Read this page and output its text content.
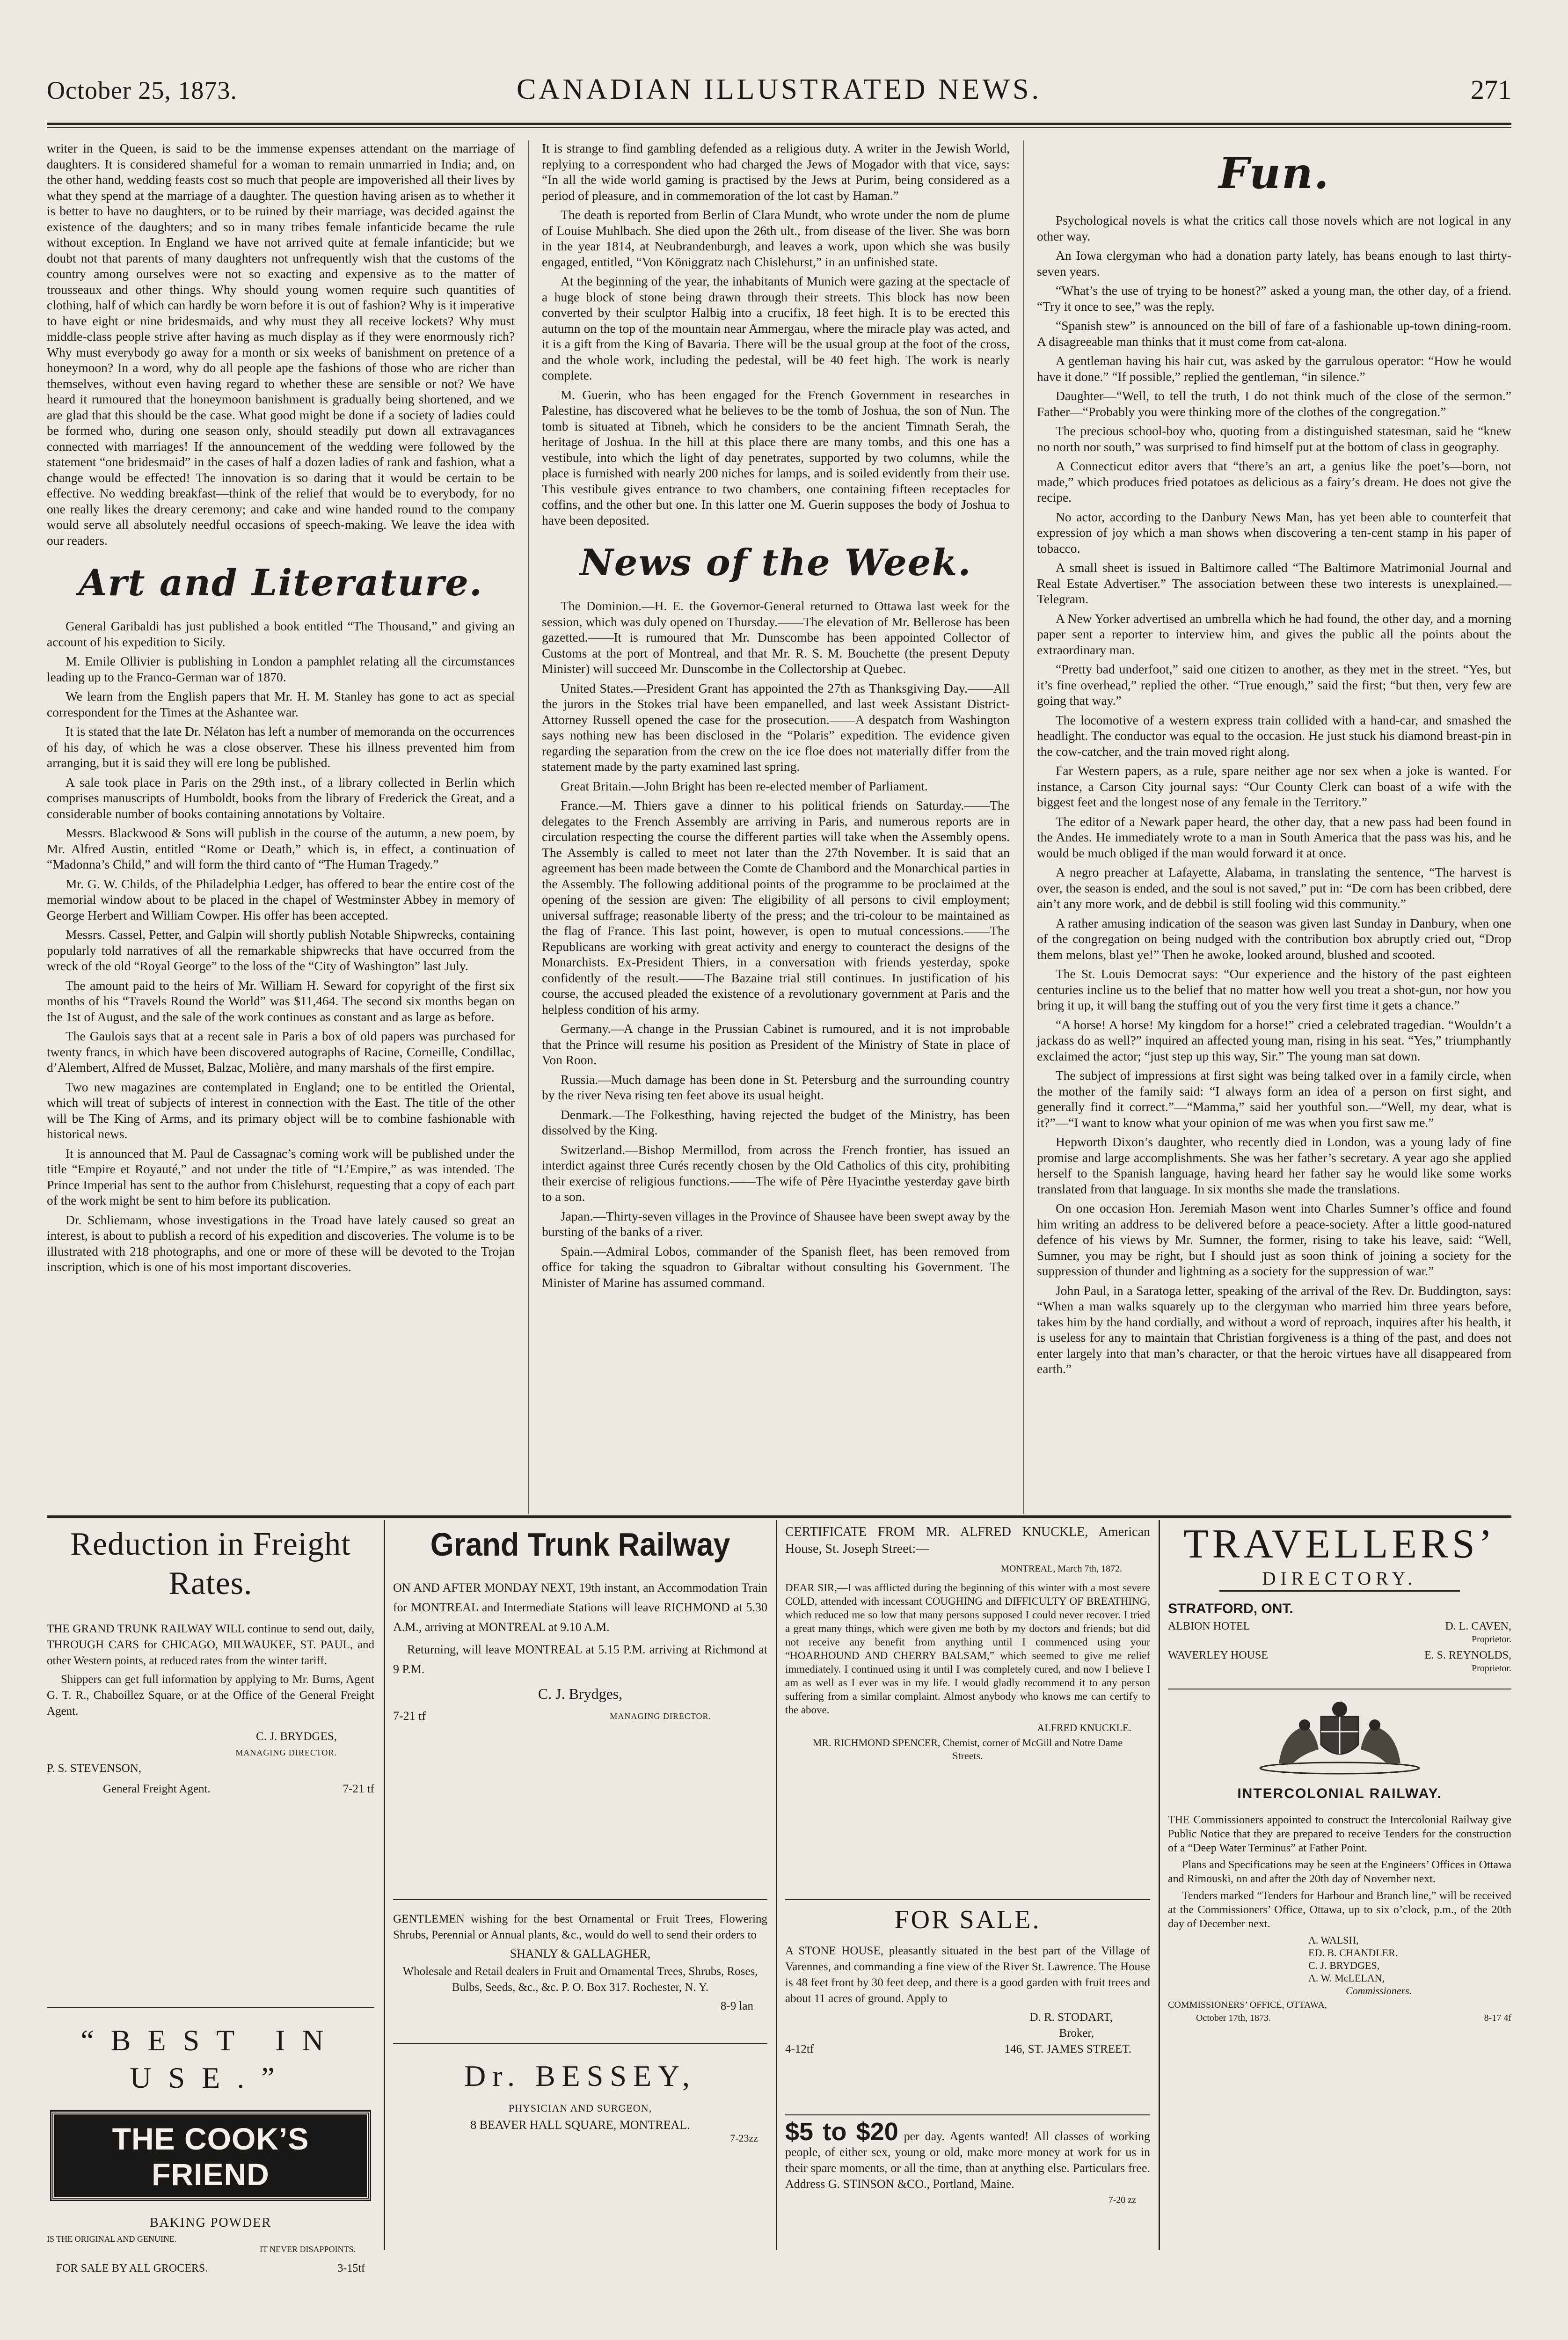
October 25, 1873.	CANADIAN ILLUSTRATED NEWS.	271

writer in the Queen, is said to be the immense expenses attendant on the marriage of daughters. It is considered shameful for a woman to remain unmarried in India; and, on the other hand, wedding feasts cost so much that people are impoverished all their lives by what they spend at the marriage of a daughter. The question having arisen as to whether it is better to have no daughters, or to be ruined by their marriage, was decided against the existence of the daughters; and so in many tribes female infanticide became the rule without exception. In England we have not arrived quite at female infanticide; but we doubt not that parents of many daughters not unfrequently wish that the customs of the country among ourselves were not so exacting and expensive as to the matter of trousseaux and other things. Why should young women require such quantities of clothing, half of which can hardly be worn before it is out of fashion? Why is it imperative to have eight or nine bridesmaids, and why must they all receive lockets? Why must middle-class people strive after having as much display as if they were enormously rich? Why must everybody go away for a month or six weeks of banishment on pretence of a honeymoon? In a word, why do all people ape the fashions of those who are richer than themselves, without even having regard to whether these are sensible or not? We have heard it rumoured that the honeymoon banishment is gradually being shortened, and we are glad that this should be the case. What good might be done if a society of ladies could be formed who, during one season only, should steadily put down all extravagances connected with marriages! If the announcement of the wedding were followed by the statement “one bridesmaid” in the cases of half a dozen ladies of rank and fashion, what a change would be effected! The innovation is so daring that it would be certain to be effective. No wedding breakfast—think of the relief that would be to everybody, for no one really likes the dreary ceremony; and cake and wine handed round to the company would serve all absolutely needful occasions of speech-making. We leave the idea with our readers.

Art and Literature.

General Garibaldi has just published a book entitled “The Thousand,” and giving an account of his expedition to Sicily.

M. Emile Ollivier is publishing in London a pamphlet relating all the circumstances leading up to the Franco-German war of 1870.

We learn from the English papers that Mr. H. M. Stanley has gone to act as special correspondent for the Times at the Ashantee war.

It is stated that the late Dr. Nélaton has left a number of memoranda on the occurrences of his day, of which he was a close observer. These his illness prevented him from arranging, but it is said they will ere long be published.

A sale took place in Paris on the 29th inst., of a library collected in Berlin which comprises manuscripts of Humboldt, books from the library of Frederick the Great, and a considerable number of books containing annotations by Voltaire.

Messrs. Blackwood & Sons will publish in the course of the autumn, a new poem, by Mr. Alfred Austin, entitled “Rome or Death,” which is, in effect, a continuation of “Madonna’s Child,” and will form the third canto of “The Human Tragedy.”

Mr. G. W. Childs, of the Philadelphia Ledger, has offered to bear the entire cost of the memorial window about to be placed in the chapel of Westminster Abbey in memory of George Herbert and William Cowper. His offer has been accepted.

Messrs. Cassel, Petter, and Galpin will shortly publish Notable Shipwrecks, containing popularly told narratives of all the remarkable shipwrecks that have occurred from the wreck of the old “Royal George” to the loss of the “City of Washington” last July.

The amount paid to the heirs of Mr. William H. Seward for copyright of the first six months of his “Travels Round the World” was $11,464. The second six months began on the 1st of August, and the sale of the work continues as constant and as large as before.

The Gaulois says that at a recent sale in Paris a box of old papers was purchased for twenty francs, in which have been discovered autographs of Racine, Corneille, Condillac, d’Alembert, Alfred de Musset, Balzac, Molière, and many marshals of the first empire.

Two new magazines are contemplated in England; one to be entitled the Oriental, which will treat of subjects of interest in connection with the East. The title of the other will be The King of Arms, and its primary object will be to combine fashionable with historical news.

It is announced that M. Paul de Cassagnac’s coming work will be published under the title “Empire et Royauté,” and not under the title of “L’Empire,” as was intended. The Prince Imperial has sent to the author from Chislehurst, requesting that a copy of each part of the work might be sent to him before its publication.

Dr. Schliemann, whose investigations in the Troad have lately caused so great an interest, is about to publish a record of his expedition and discoveries. The volume is to be illustrated with 218 photographs, and one or more of these will be devoted to the Trojan inscription, which is one of his most important discoveries.

It is strange to find gambling defended as a religious duty. A writer in the Jewish World, replying to a correspondent who had charged the Jews of Mogador with that vice, says: “In all the wide world gaming is practised by the Jews at Purim, being considered as a period of pleasure, and in commemoration of the lot cast by Haman.”

The death is reported from Berlin of Clara Mundt, who wrote under the nom de plume of Louise Muhlbach. She died upon the 26th ult., from disease of the liver. She was born in the year 1814, at Neubrandenburgh, and leaves a work, upon which she was busily engaged, entitled, “Von Königgratz nach Chislehurst,” in an unfinished state.

At the beginning of the year, the inhabitants of Munich were gazing at the spectacle of a huge block of stone being drawn through their streets. This block has now been converted by their sculptor Halbig into a crucifix, 18 feet high. It is to be erected this autumn on the top of the mountain near Ammergau, where the miracle play was acted, and it is a gift from the King of Bavaria. There will be the usual group at the foot of the cross, and the whole work, including the pedestal, will be 40 feet high. The work is nearly complete.

M. Guerin, who has been engaged for the French Government in researches in Palestine, has discovered what he believes to be the tomb of Joshua, the son of Nun. The tomb is situated at Tibneh, which he considers to be the ancient Timnath Serah, the heritage of Joshua. In the hill at this place there are many tombs, and this one has a vestibule, into which the light of day penetrates, supported by two columns, while the place is furnished with nearly 200 niches for lamps, and is soiled evidently from their use. This vestibule gives entrance to two chambers, one containing fifteen receptacles for coffins, and the other but one. In this latter one M. Guerin supposes the body of Joshua to have been deposited.

News of the Week.

The Dominion.—H. E. the Governor-General returned to Ottawa last week for the session, which was duly opened on Thursday.——The elevation of Mr. Bellerose has been gazetted.——It is rumoured that Mr. Dunscombe has been appointed Collector of Customs at the port of Montreal, and that Mr. R. S. M. Bouchette (the present Deputy Minister) will succeed Mr. Dunscombe in the Collectorship at Quebec.

United States.—President Grant has appointed the 27th as Thanksgiving Day.——All the jurors in the Stokes trial have been empanelled, and last week Assistant District-Attorney Russell opened the case for the prosecution.——A despatch from Washington says nothing new has been disclosed in the “Polaris” expedition. The evidence given regarding the separation from the crew on the ice floe does not materially differ from the statement made by the party examined last spring.

Great Britain.—John Bright has been re-elected member of Parliament.

France.—M. Thiers gave a dinner to his political friends on Saturday.——The delegates to the French Assembly are arriving in Paris, and numerous reports are in circulation respecting the course the different parties will take when the Assembly opens. The Assembly is called to meet not later than the 27th November. It is said that an agreement has been made between the Comte de Chambord and the Monarchical parties in the Assembly. The following additional points of the programme to be proclaimed at the opening of the session are given: The eligibility of all persons to civil employment; universal suffrage; reasonable liberty of the press; and the tri-colour to be maintained as the flag of France. This last point, however, is open to mutual concessions.——The Republicans are working with great activity and energy to counteract the designs of the Monarchists. Ex-President Thiers, in a conversation with friends yesterday, spoke confidently of the result.——The Bazaine trial still continues. In justification of his course, the accused pleaded the existence of a revolutionary government at Paris and the helpless condition of his army.

Germany.—A change in the Prussian Cabinet is rumoured, and it is not improbable that the Prince will resume his position as President of the Ministry of State in place of Von Roon.

Russia.—Much damage has been done in St. Petersburg and the surrounding country by the river Neva rising ten feet above its usual height.

Denmark.—The Folkesthing, having rejected the budget of the Ministry, has been dissolved by the King.

Switzerland.—Bishop Mermillod, from across the French frontier, has issued an interdict against three Curés recently chosen by the Old Catholics of this city, prohibiting their exercise of religious functions.——The wife of Père Hyacinthe yesterday gave birth to a son.

Japan.—Thirty-seven villages in the Province of Shausee have been swept away by the bursting of the banks of a river.

Spain.—Admiral Lobos, commander of the Spanish fleet, has been removed from office for taking the squadron to Gibraltar without consulting his Government. The Minister of Marine has assumed command.

Fun.

Psychological novels is what the critics call those novels which are not logical in any other way.

An Iowa clergyman who had a donation party lately, has beans enough to last thirty-seven years.

“What’s the use of trying to be honest?” asked a young man, the other day, of a friend. “Try it once to see,” was the reply.

“Spanish stew” is announced on the bill of fare of a fashionable up-town dining-room. A disagreeable man thinks that it must come from cat-alona.

A gentleman having his hair cut, was asked by the garrulous operator: “How he would have it done.” “If possible,” replied the gentleman, “in silence.”

Daughter—“Well, to tell the truth, I do not think much of the close of the sermon.” Father—“Probably you were thinking more of the clothes of the congregation.”

The precious school-boy who, quoting from a distinguished statesman, said he “knew no north nor south,” was surprised to find himself put at the bottom of class in geography.

A Connecticut editor avers that “there’s an art, a genius like the poet’s—born, not made,” which produces fried potatoes as delicious as a fairy’s dream. He does not give the recipe.

No actor, according to the Danbury News Man, has yet been able to counterfeit that expression of joy which a man shows when discovering a ten-cent stamp in his paper of tobacco.

A small sheet is issued in Baltimore called “The Baltimore Matrimonial Journal and Real Estate Advertiser.” The association between these two interests is unexplained.—Telegram.

A New Yorker advertised an umbrella which he had found, the other day, and a morning paper sent a reporter to interview him, and gives the public all the points about the extraordinary man.

“Pretty bad underfoot,” said one citizen to another, as they met in the street. “Yes, but it’s fine overhead,” replied the other. “True enough,” said the first; “but then, very few are going that way.”

The locomotive of a western express train collided with a hand-car, and smashed the headlight. The conductor was equal to the occasion. He just stuck his diamond breast-pin in the cow-catcher, and the train moved right along.

Far Western papers, as a rule, spare neither age nor sex when a joke is wanted. For instance, a Carson City journal says: “Our County Clerk can boast of a wife with the biggest feet and the longest nose of any female in the Territory.”

The editor of a Newark paper heard, the other day, that a new pass had been found in the Andes. He immediately wrote to a man in South America that the pass was his, and he would be much obliged if the man would forward it at once.

A negro preacher at Lafayette, Alabama, in translating the sentence, “The harvest is over, the season is ended, and the soul is not saved,” put in: “De corn has been cribbed, dere ain’t any more work, and de debbil is still fooling wid this community.”

A rather amusing indication of the season was given last Sunday in Danbury, when one of the congregation on being nudged with the contribution box abruptly cried out, “Drop them melons, blast ye!” Then he awoke, looked around, blushed and scooted.

The St. Louis Democrat says: “Our experience and the history of the past eighteen centuries incline us to the belief that no matter how well you treat a shot-gun, nor how you bring it up, it will bang the stuffing out of you the very first time it gets a chance.”

“A horse! A horse! My kingdom for a horse!” cried a celebrated tragedian. “Wouldn’t a jackass do as well?” inquired an affected young man, rising in his seat. “Yes,” triumphantly exclaimed the actor; “just step up this way, Sir.” The young man sat down.

The subject of impressions at first sight was being talked over in a family circle, when the mother of the family said: “I always form an idea of a person on first sight, and generally find it correct.”—“Mamma,” said her youthful son.—“Well, my dear, what is it?”—“I want to know what your opinion of me was when you first saw me.”

Hepworth Dixon’s daughter, who recently died in London, was a young lady of fine promise and large accomplishments. She was her father’s secretary. A year ago she applied herself to the Spanish language, having heard her father say he would like some works translated from that language. In six months she made the translations.

On one occasion Hon. Jeremiah Mason went into Charles Sumner’s office and found him writing an address to be delivered before a peace-society. After a little good-natured defence of his views by Mr. Sumner, the former, rising to take his leave, said: “Well, Sumner, you may be right, but I should just as soon think of joining a society for the suppression of thunder and lightning as a society for the suppression of war.”

John Paul, in a Saratoga letter, speaking of the arrival of the Rev. Dr. Buddington, says: “When a man walks squarely up to the clergyman who married him three years before, takes him by the hand cordially, and without a word of reproach, inquires after his health, it is useless for any to maintain that Christian forgiveness is a thing of the past, and does not enter largely into that man’s character, or that the heroic virtues have all disappeared from earth.”

Reduction in Freight Rates.

THE GRAND TRUNK RAILWAY WILL continue to send out, daily, THROUGH CARS for CHICAGO, MILWAUKEE, ST. PAUL, and other Western points, at reduced rates from the winter tariff.

Shippers can get full information by applying to Mr. Burns, Agent G. T. R., Chaboillez Square, or at the Office of the General Freight Agent.

C. J. BRYDGES,
MANAGING DIRECTOR.
P. S. STEVENSON,
General Freight Agent.	7-21 tf
“BEST IN USE.”
THE COOK’S FRIEND
BAKING POWDER
IS THE ORIGINAL AND GENUINE.
IT NEVER DISAPPOINTS.
FOR SALE BY ALL GROCERS.	3-15tf
Grand Trunk Railway

ON AND AFTER MONDAY NEXT, 19th instant, an Accommodation Train for MONTREAL and Intermediate Stations will leave RICHMOND at 5.30 A.M., arriving at MONTREAL at 9.10 A.M.

Returning, will leave MONTREAL at 5.15 P.M. arriving at Richmond at 9 P.M.

C. J. Brydges,
7-21 tf	MANAGING DIRECTOR.

GENTLEMEN wishing for the best Ornamental or Fruit Trees, Flowering Shrubs, Perennial or Annual plants, &c., would do well to send their orders to

SHANLY & GALLAGHER,

Wholesale and Retail dealers in Fruit and Ornamental Trees, Shrubs, Roses, Bulbs, Seeds, &c., &c. P. O. Box 317. Rochester, N. Y.

8-9 lan
Dr. BESSEY,
PHYSICIAN AND SURGEON,
8 BEAVER HALL SQUARE, MONTREAL.
7-23zz

CERTIFICATE FROM MR. ALFRED KNUCKLE, American House, St. Joseph Street:—

MONTREAL, March 7th, 1872.

DEAR SIR,—I was afflicted during the beginning of this winter with a most severe COLD, attended with incessant COUGHING and DIFFICULTY OF BREATHING, which reduced me so low that many persons supposed I could never recover. I tried a great many things, which were given me both by my doctors and friends; but did not receive any benefit from anything until I commenced using your “HOARHOUND AND CHERRY BALSAM,” which seemed to give me relief immediately. I continued using it until I was completely cured, and now I believe I am as well as I ever was in my life. I would gladly recommend it to any person suffering from a similar complaint. Almost anybody who knows me can certify to the above.

ALFRED KNUCKLE.
MR. RICHMOND SPENCER, Chemist, corner of McGill and Notre Dame Streets.
FOR SALE.

A STONE HOUSE, pleasantly situated in the best part of the Village of Varennes, and commanding a fine view of the River St. Lawrence. The House is 48 feet front by 30 feet deep, and there is a good garden with fruit trees and about 11 acres of ground. Apply to

D. R. STODART,
Broker,
4-12tf	146, ST. JAMES STREET.
$5 to $20 per day. Agents wanted! All classes of working people, of either sex, young or old, make more money at work for us in their spare moments, or all the time, than at anything else. Particulars free. Address G. STINSON &CO., Portland, Maine.
7-20 zz
TRAVELLERS’
DIRECTORY.
STRATFORD, ONT.
ALBION HOTEL	D. L. CAVEN,
Proprietor.
WAVERLEY HOUSE	E. S. REYNOLDS,
Proprietor.
INTERCOLONIAL RAILWAY.

THE Commissioners appointed to construct the Intercolonial Railway give Public Notice that they are prepared to receive Tenders for the construction of a “Deep Water Terminus” at Father Point.

Plans and Specifications may be seen at the Engineers’ Offices in Ottawa and Rimouski, on and after the 20th day of November next.

Tenders marked “Tenders for Harbour and Branch line,” will be received at the Commissioners’ Office, Ottawa, up to six o’clock, p.m., of the 20th day of December next.

A. WALSH,
ED. B. CHANDLER.
C. J. BRYDGES,
A. W. McLELAN,
Commissioners.
COMMISSIONERS’ OFFICE, OTTAWA,
October 17th, 1873.	8-17 4f
